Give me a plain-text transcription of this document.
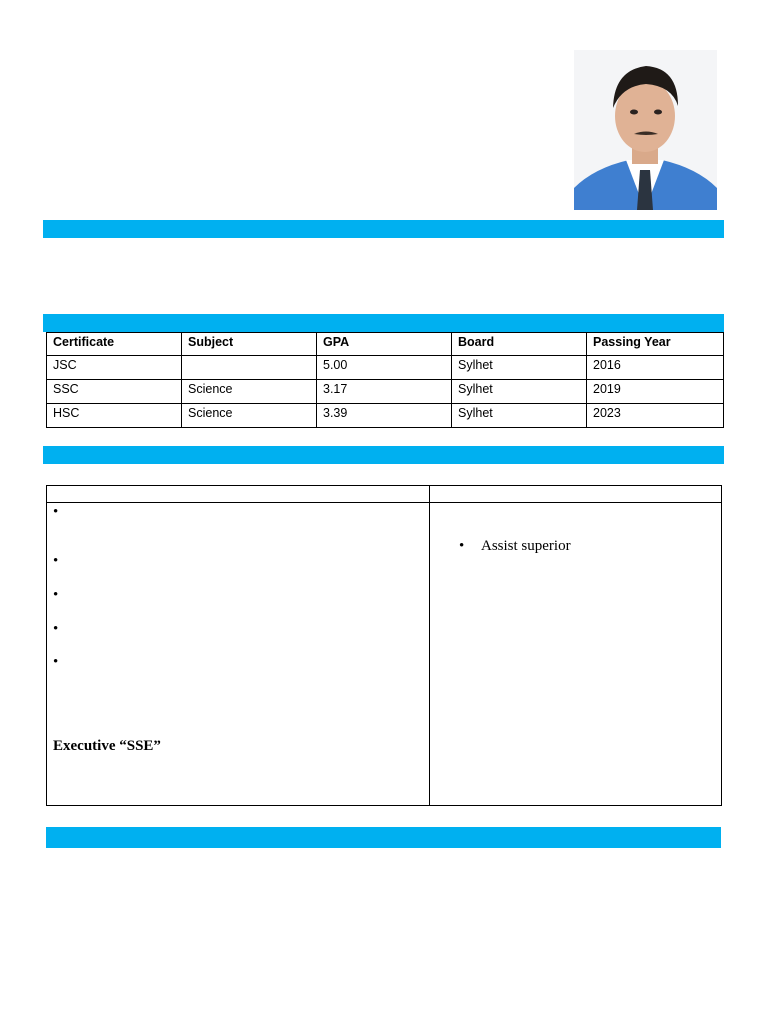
Certificate	Subject	GPA	Board	Passing Year
JSC		5.00	Sylhet	2016
SSC	Science	3.17	Sylhet	2019
HSC	Science	3.39	Sylhet	2023
•
•
•
•
•
Executive “SSE”
• Assist superior
